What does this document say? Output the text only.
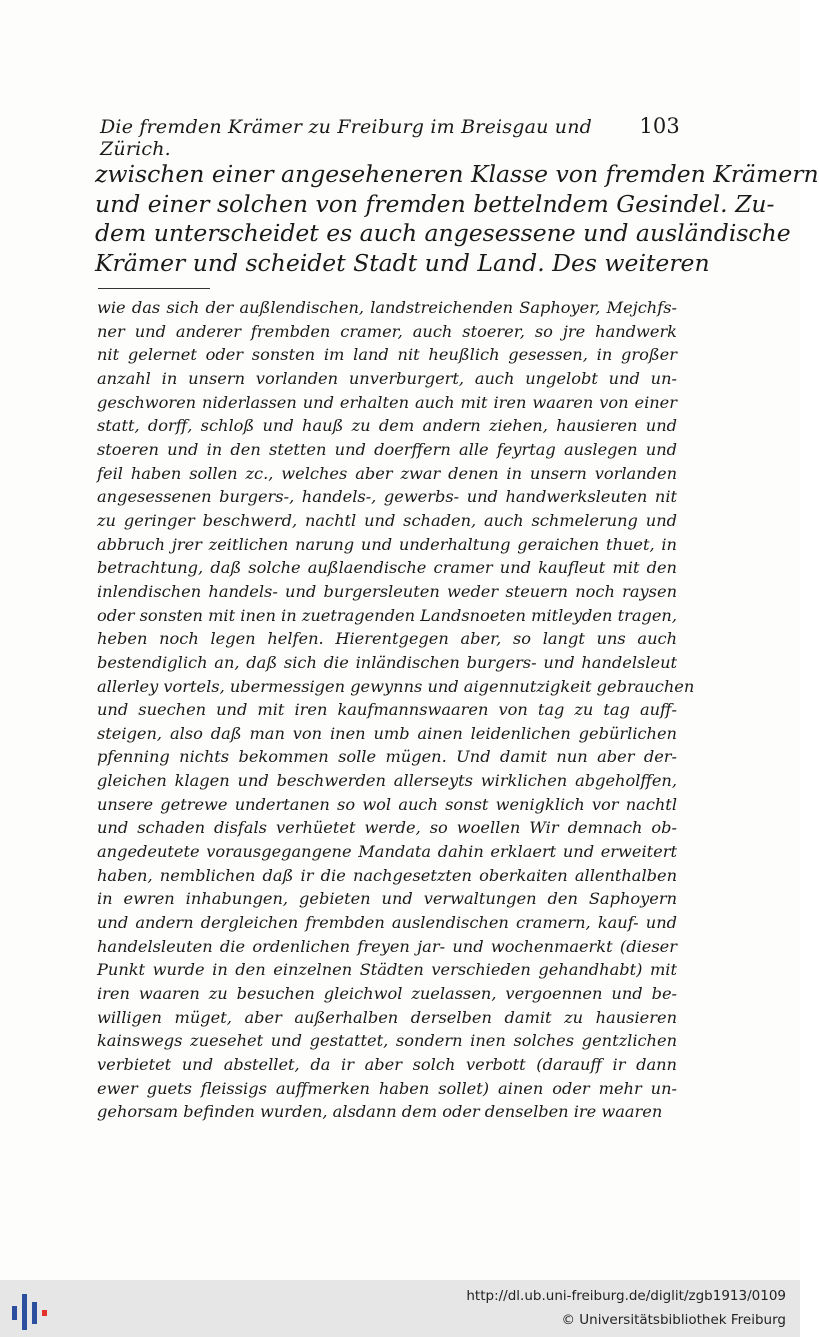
Die fremden Krämer zu Freiburg im Breisgau und Zürich.
103
zwischen einer angeseheneren Klasse von fremden Krämern
und einer solchen von fremden bettelndem Gesindel. Zu-
dem unterscheidet es auch angesessene und ausländische
Krämer und scheidet Stadt und Land. Des weiteren
wie das sich der außlendischen, landstreichenden Saphoyer, Mejchfs-
ner und anderer frembden cramer, auch stoerer, so jre handwerk
nit gelernet oder sonsten im land nit heußlich gesessen, in großer
anzahl in unsern vorlanden unverburgert, auch ungelobt und un-
geschworen niderlassen und erhalten auch mit iren waaren von einer
statt, dorff, schloß und hauß zu dem andern ziehen, hausieren und
stoeren und in den stetten und doerffern alle feyrtag auslegen und
feil haben sollen zc., welches aber zwar denen in unsern vorlanden
angesessenen burgers-, handels-, gewerbs- und handwerksleuten nit
zu geringer beschwerd, nachtl und schaden, auch schmelerung und
abbruch jrer zeitlichen narung und underhaltung geraichen thuet, in
betrachtung, daß solche außlaendische cramer und kaufleut mit den
inlendischen handels- und burgersleuten weder steuern noch raysen
oder sonsten mit inen in zuetragenden Landsnoeten mitleyden tragen,
heben noch legen helfen. Hierentgegen aber, so langt uns auch
bestendiglich an, daß sich die inländischen burgers- und handelsleut
allerley vortels, ubermessigen gewynns und aigennutzigkeit gebrauchen
und suechen und mit iren kaufmannswaaren von tag zu tag auff-
steigen, also daß man von inen umb ainen leidenlichen gebürlichen
pfenning nichts bekommen solle mügen. Und damit nun aber der-
gleichen klagen und beschwerden allerseyts wirklichen abgeholffen,
unsere getrewe undertanen so wol auch sonst wenigklich vor nachtl
und schaden disfals verhüetet werde, so woellen Wir demnach ob-
angedeutete vorausgegangene Mandata dahin erklaert und erweitert
haben, nemblichen daß ir die nachgesetzten oberkaiten allenthalben
in ewren inhabungen, gebieten und verwaltungen den Saphoyern
und andern dergleichen frembden auslendischen cramern, kauf- und
handelsleuten die ordenlichen freyen jar- und wochenmaerkt (dieser
Punkt wurde in den einzelnen Städten verschieden gehandhabt) mit
iren waaren zu besuchen gleichwol zuelassen, vergoennen und be-
willigen müget, aber außerhalben derselben damit zu hausieren
kainswegs zuesehet und gestattet, sondern inen solches gentzlichen
verbietet und abstellet, da ir aber solch verbott (darauff ir dann
ewer guets fleissigs auffmerken haben sollet) ainen oder mehr un-
gehorsam befinden wurden, alsdann dem oder denselben ire waaren
http://dl.ub.uni-freiburg.de/diglit/zgb1913/0109
© Universitätsbibliothek Freiburg
